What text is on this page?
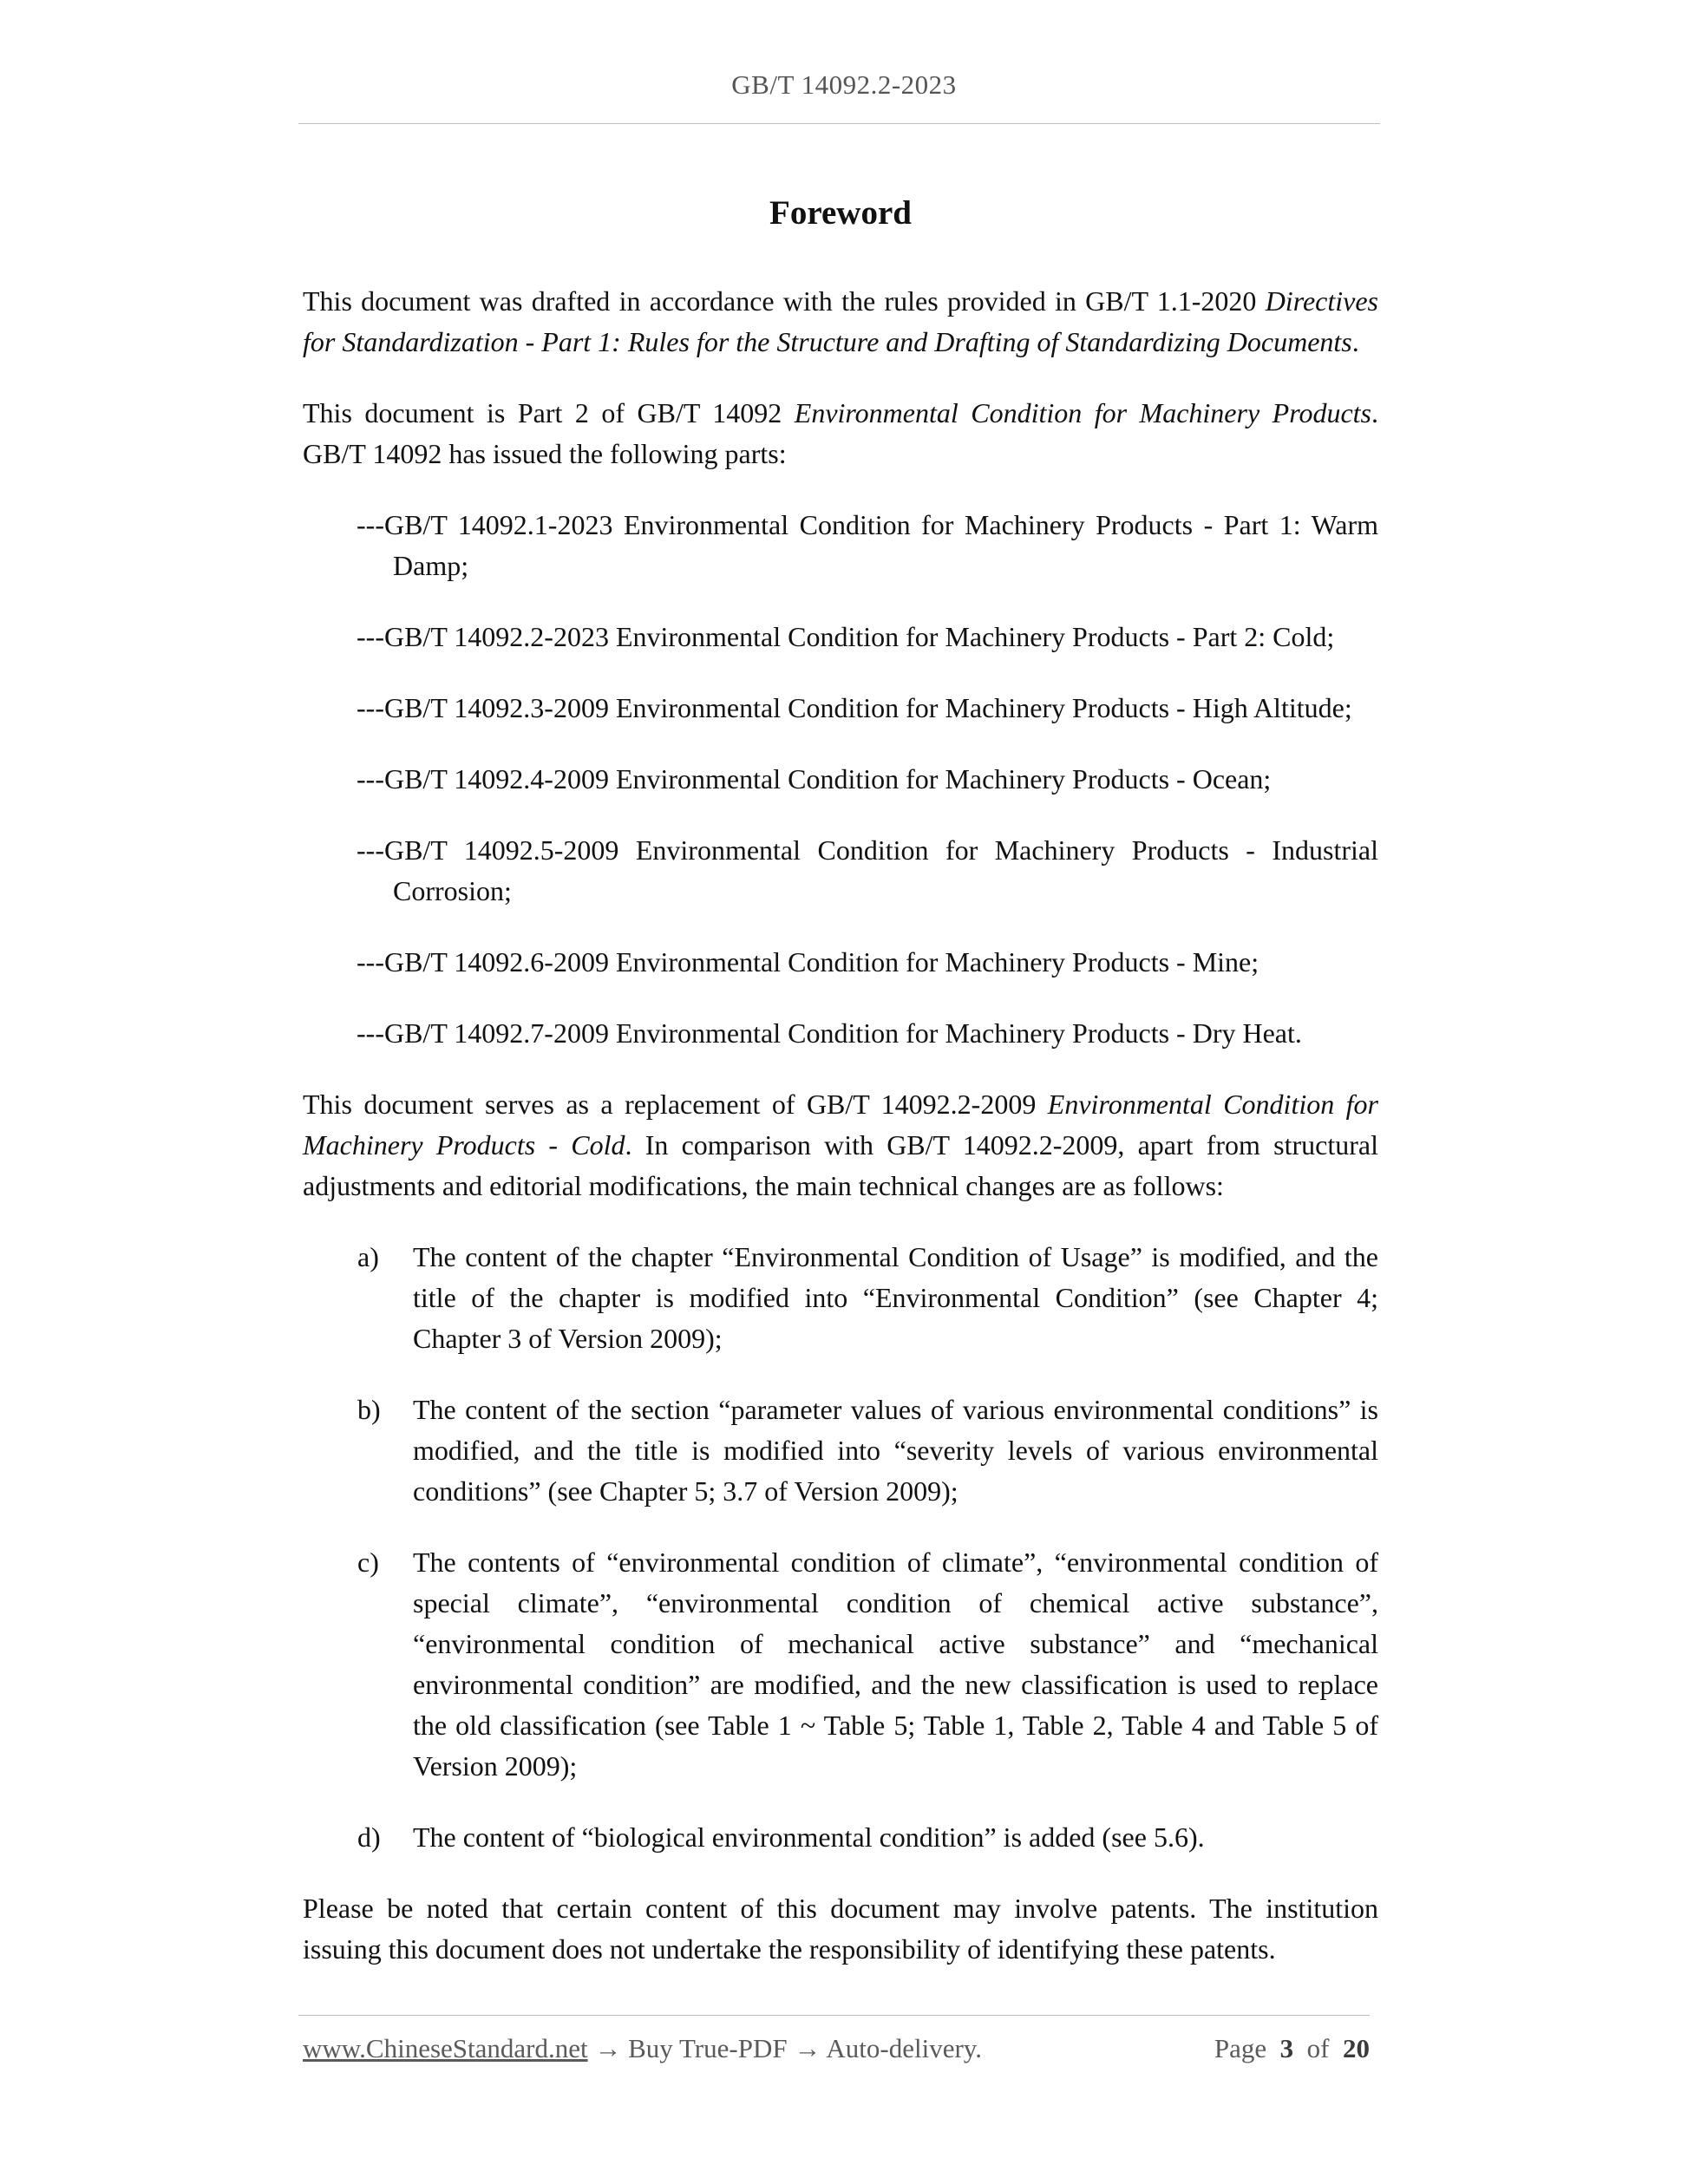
GB/T 14092.2-2023
Foreword

This document was drafted in accordance with the rules provided in GB/T 1.1-2020 Directives for Standardization - Part 1: Rules for the Structure and Drafting of Standardizing Documents.

This document is Part 2 of GB/T 14092 Environmental Condition for Machinery Products. GB/T 14092 has issued the following parts:

---GB/T 14092.1-2023 Environmental Condition for Machinery Products - Part 1: Warm Damp;
---GB/T 14092.2-2023 Environmental Condition for Machinery Products - Part 2: Cold;
---GB/T 14092.3-2009 Environmental Condition for Machinery Products - High Altitude;
---GB/T 14092.4-2009 Environmental Condition for Machinery Products - Ocean;
---GB/T 14092.5-2009 Environmental Condition for Machinery Products - Industrial Corrosion;
---GB/T 14092.6-2009 Environmental Condition for Machinery Products - Mine;
---GB/T 14092.7-2009 Environmental Condition for Machinery Products - Dry Heat.

This document serves as a replacement of GB/T 14092.2-2009 Environmental Condition for Machinery Products - Cold. In comparison with GB/T 14092.2-2009, apart from structural adjustments and editorial modifications, the main technical changes are as follows:

a) The content of the chapter “Environmental Condition of Usage” is modified, and the title of the chapter is modified into “Environmental Condition” (see Chapter 4; Chapter 3 of Version 2009);
b) The content of the section “parameter values of various environmental conditions” is modified, and the title is modified into “severity levels of various environmental conditions” (see Chapter 5; 3.7 of Version 2009);
c) The contents of “environmental condition of climate”, “environmental condition of special climate”, “environmental condition of chemical active substance”, “environmental condition of mechanical active substance” and “mechanical environmental condition” are modified, and the new classification is used to replace the old classification (see Table 1 ~ Table 5; Table 1, Table 2, Table 4 and Table 5 of Version 2009);
d) The content of “biological environmental condition” is added (see 5.6).

Please be noted that certain content of this document may involve patents. The institution issuing this document does not undertake the responsibility of identifying these patents.

www.ChineseStandard.net → Buy True-PDF → Auto-delivery.	Page 3 of 20
